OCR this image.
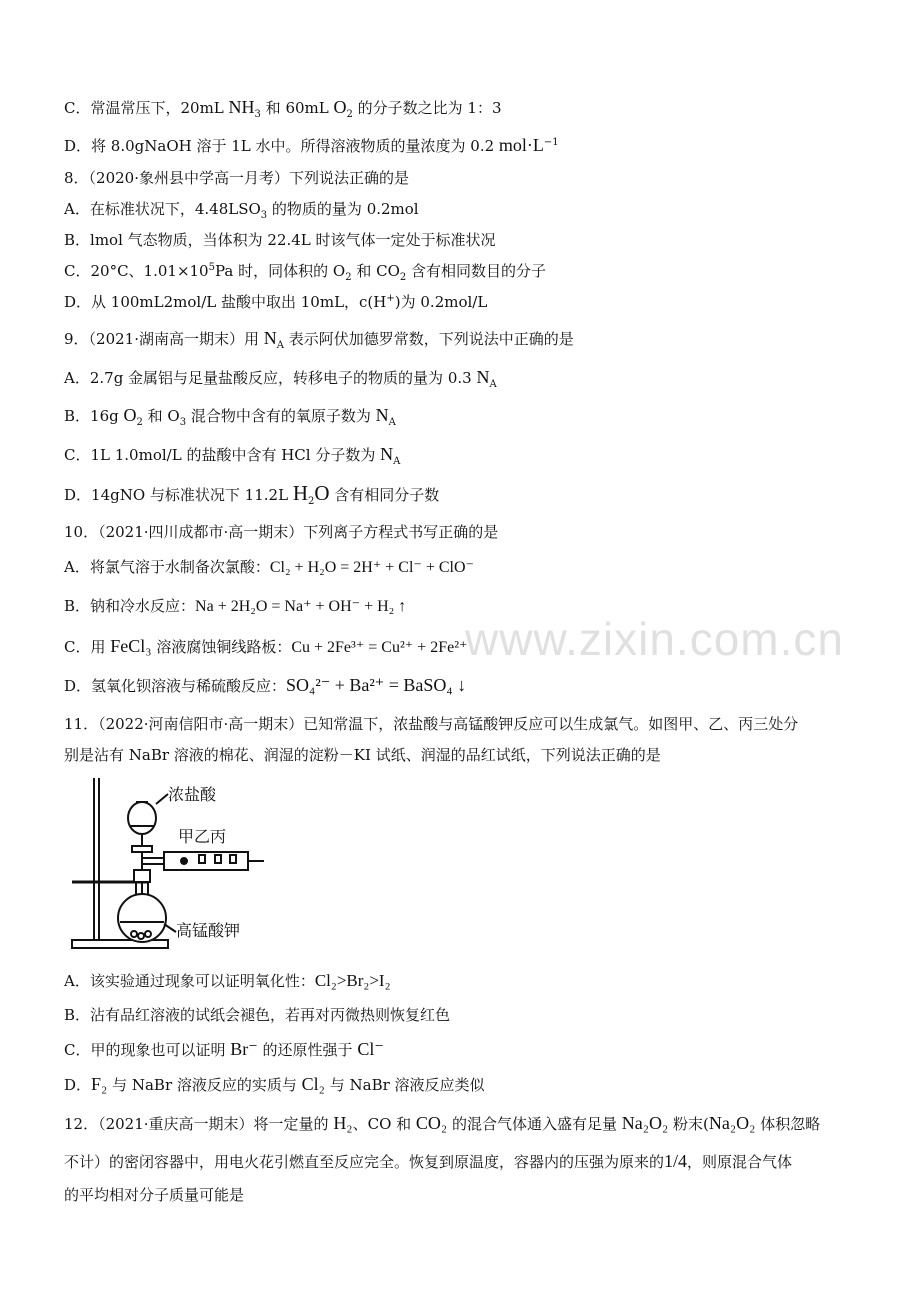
C．常温常压下，20mL $NH_3$ 和 60mL $O_2$ 的分子数之比为 1：3
D．将 8.0gNaOH 溶于 1L 水中。所得溶液物质的量浓度为 0.2 $mol\cdot L^{-1}$
8．（2020·象州县中学高一月考）下列说法正确的是
A．在标准状况下，$4.48LSO_3$ 的物质的量为 0.2mol
B．lmol 气态物质，当体积为 22.4L 时该气体一定处于标准状况
C．20°C、$1.01\times 10^5Pa$ 时，同体积的 $O_2$ 和 $CO_2$ 含有相同数目的分子
D．从 100mL2mol/L 盐酸中取出 10mL，c(H+)为 0.2mol/L
9．（2021·湖南高一期末）用 $N_A$ 表示阿伏加德罗常数，下列说法中正确的是
A．2.7g 金属铝与足量盐酸反应，转移电子的物质的量为 0.3 $N_A$
B．16g $O_2$ 和 $O_3$ 混合物中含有的氧原子数为 $N_A$
C．1L 1.0mol/L 的盐酸中含有 HCl 分子数为 $N_A$
D．14gNO 与标准状况下 11.2L $H_2O$ 含有相同分子数
10．（2021·四川成都市·高一期末）下列离子方程式书写正确的是
A．将氯气溶于水制备次氯酸：Cl₂ + H₂O = 2H⁺ + Cl⁻ + ClO⁻
B．钠和冷水反应：Na + 2H₂O = Na⁺ + OH⁻ + H₂ ↑
C．用 FeCl₃ 溶液腐蚀铜线路板：Cu + 2Fe³⁺ = Cu²⁺ + 2Fe²⁺
D．氢氧化钡溶液与稀硫酸反应：SO₄²⁻ + Ba²⁺ = BaSO₄ ↓
11．（2022·河南信阳市·高一期末）已知常温下，浓盐酸与高锰酸钾反应可以生成氯气。如图甲、乙、丙三处分
别是沾有 NaBr 溶液的棉花、润湿的淀粉－KI 试纸、润湿的品红试纸，下列说法正确的是
浓盐酸
甲乙丙
高锰酸钾
A．该实验通过现象可以证明氧化性：Cl₂>Br₂>I₂
B．沾有品红溶液的试纸会褪色，若再对丙微热则恢复红色
C．甲的现象也可以证明 Br⁻ 的还原性强于 Cl⁻
D．F₂ 与 NaBr 溶液反应的实质与 Cl₂ 与 NaBr 溶液反应类似
12．（2021·重庆高一期末）将一定量的 H₂、CO 和 CO₂ 的混合气体通入盛有足量 Na₂O₂ 粉末(Na₂O₂ 体积忽略
不计）的密闭容器中，用电火花引燃直至反应完全。恢复到原温度，容器内的压强为原来的1/4，则原混合气体
的平均相对分子质量可能是
www.zixin.com.cn
